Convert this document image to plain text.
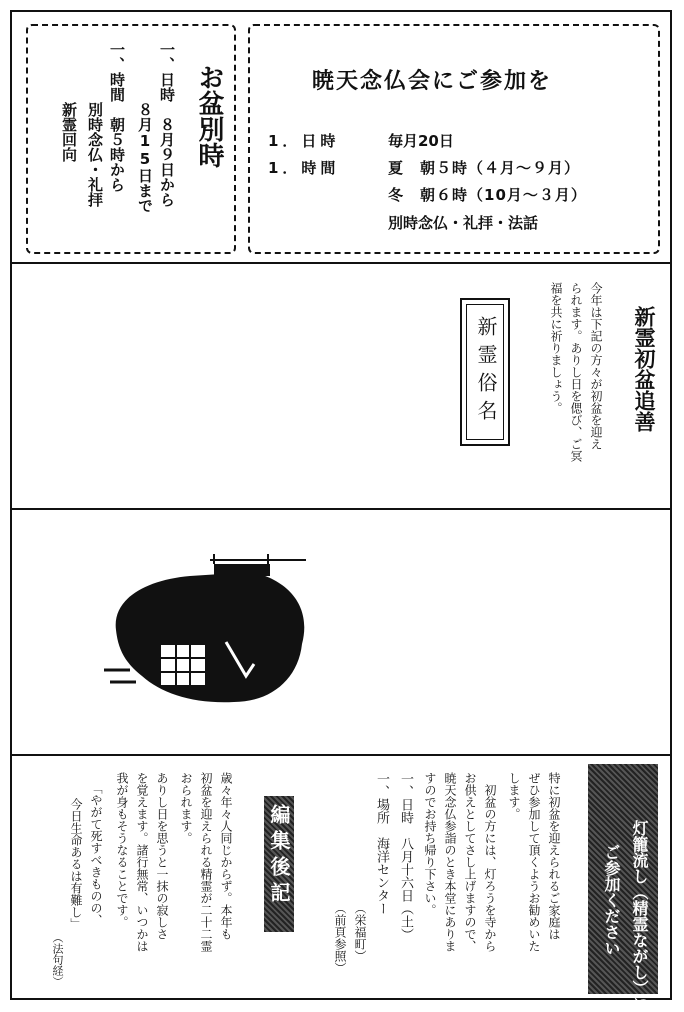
お盆別時
一、日時　８月９日から
８月15日まで
一、時間　朝５時から
別時念仏・礼拝
新霊回向
暁天念仏会にご参加を
1．日時	毎月20日
1．時間	夏　朝５時（４月～９月）
冬　朝６時（10月～３月）
別時念仏・礼拝・法話
新霊初盆追善
今年は下記の方々が初盆を迎え
られます。ありし日を偲び、ご冥
福を共に祈りましょう。
新霊俗名
灯籠流し（精霊ながし）に
ご参加ください
特に初盆を迎えられるご家庭は
ぜひ参加して頂くようお勧めいた
します。
初盆の方には、灯ろうを寺から
お供えとしてさし上げますので、
暁天念仏参詣のとき本堂にありま
すのでお持ち帰り下さい。
一、日時　八月十六日（土）
一、場所　海洋センター
（栄福町）
（前頁参照）
編集後記
歳々年々人同じからず。本年も
初盆を迎えられる精霊が二十二霊
おられます。
ありし日を思うと一抹の寂しさ
を覚えます。諸行無常、いつかは
我が身もそうなることです。
「やがて死すべきものの、
今日生命あるは有難し」
（法句経）
